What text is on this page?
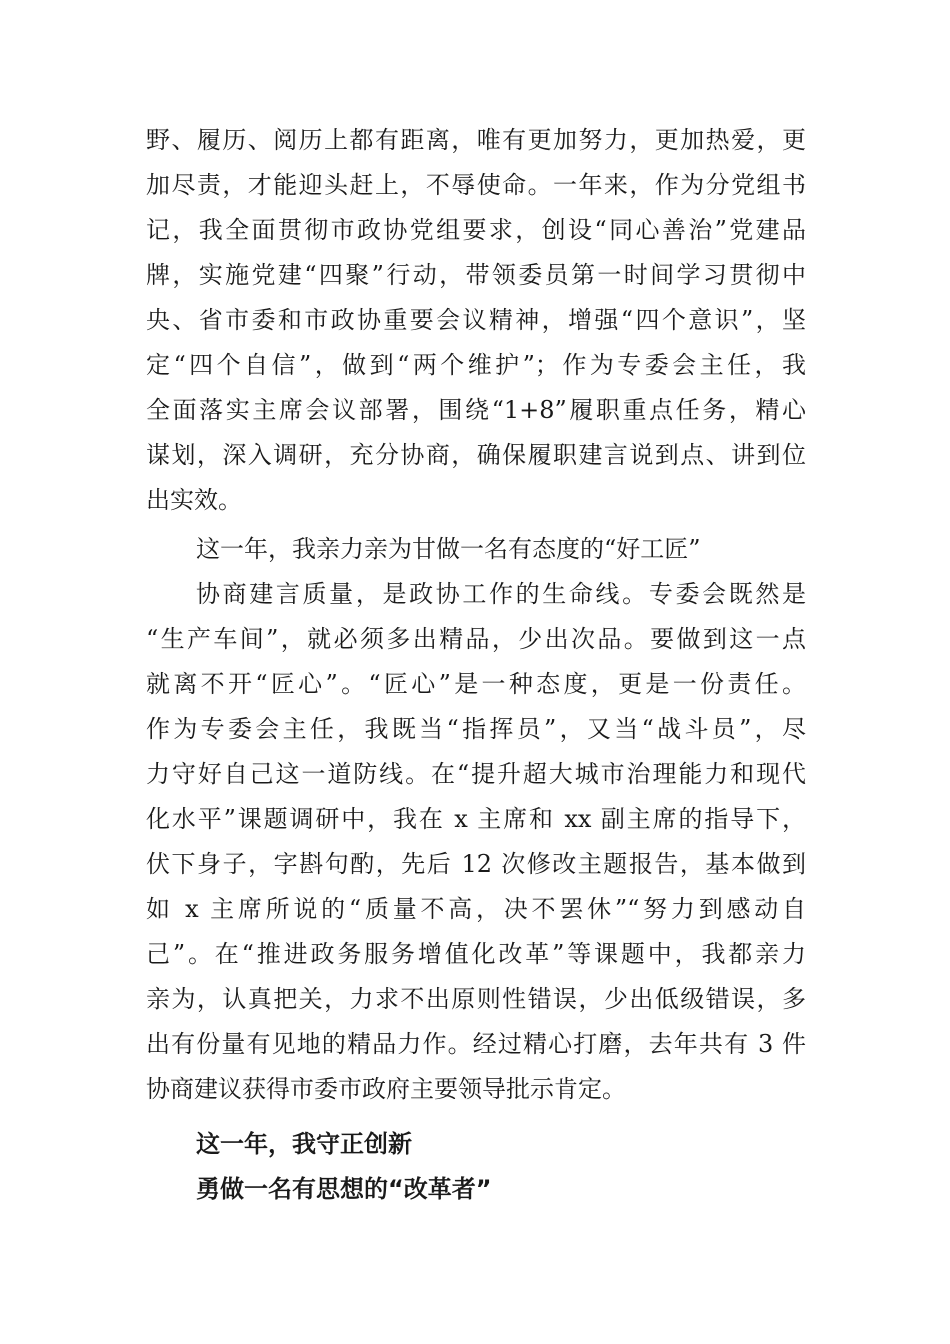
野、履历、阅历上都有距离，唯有更加努力，更加热爱，更
加尽责，才能迎头赶上，不辱使命。一年来，作为分党组书
记，我全面贯彻市政协党组要求，创设“同心善治”党建品
牌，实施党建“四聚”行动，带领委员第一时间学习贯彻中
央、省市委和市政协重要会议精神，增强“四个意识”，坚
定“四个自信”，做到“两个维护”；作为专委会主任，我
全面落实主席会议部署，围绕“1+8”履职重点任务，精心
谋划，深入调研，充分协商，确保履职建言说到点、讲到位
出实效。
这一年，我亲力亲为甘做一名有态度的“好工匠”
协商建言质量，是政协工作的生命线。专委会既然是
“生产车间”，就必须多出精品，少出次品。要做到这一点
就离不开“匠心”。“匠心”是一种态度，更是一份责任。
作为专委会主任，我既当“指挥员”，又当“战斗员”，尽
力守好自己这一道防线。在“提升超大城市治理能力和现代
化水平”课题调研中，我在 x 主席和 xx 副主席的指导下，
伏下身子，字斟句酌，先后 12 次修改主题报告，基本做到
如 x 主席所说的“质量不高，决不罢休”“努力到感动自
己”。在“推进政务服务增值化改革”等课题中，我都亲力
亲为，认真把关，力求不出原则性错误，少出低级错误，多
出有份量有见地的精品力作。经过精心打磨，去年共有 3 件
协商建议获得市委市政府主要领导批示肯定。
这一年，我守正创新
勇做一名有思想的“改革者”
